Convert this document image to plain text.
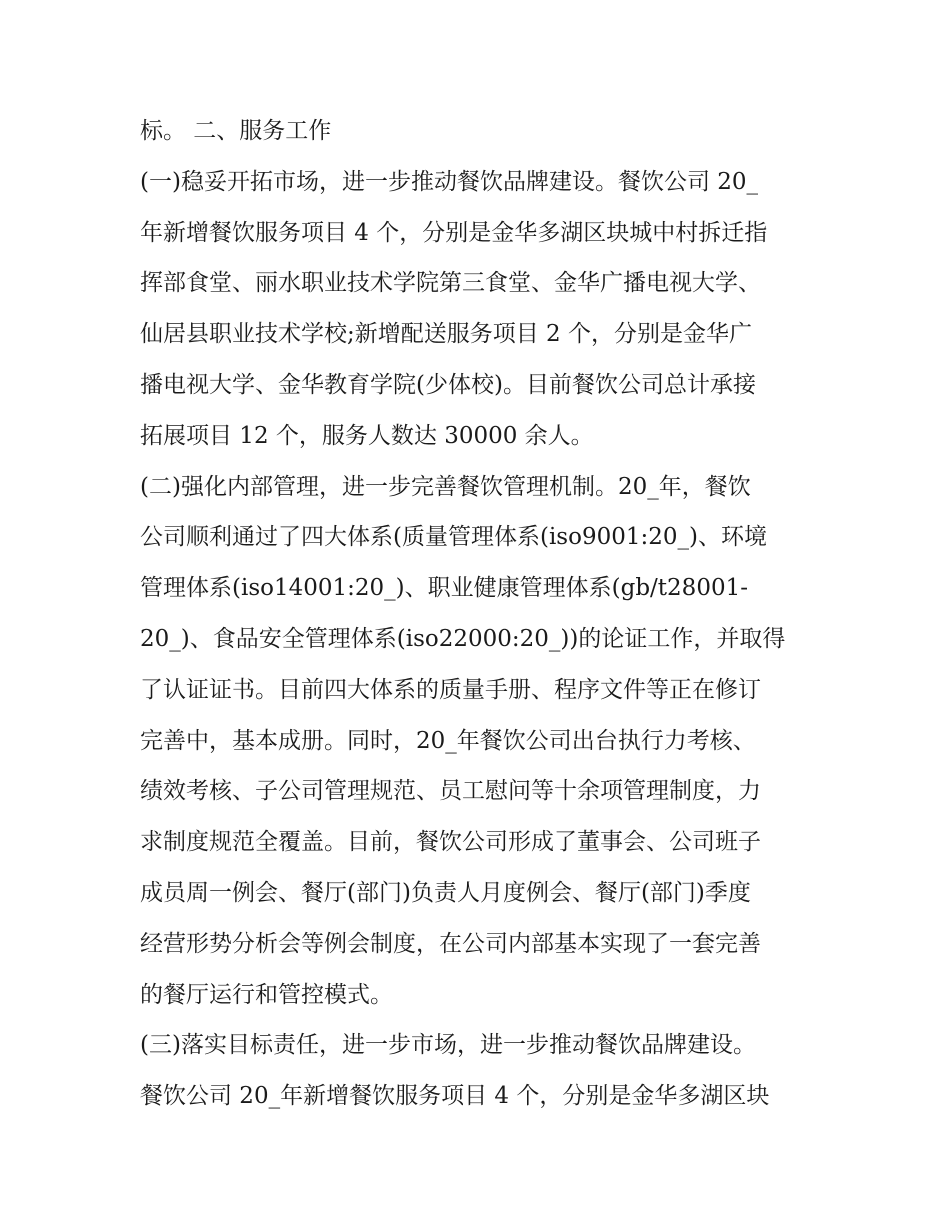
标。 二、服务工作

(一)稳妥开拓市场，进一步推动餐饮品牌建设。餐饮公司 20_

年新增餐饮服务项目 4 个，分别是金华多湖区块城中村拆迁指

挥部食堂、丽水职业技术学院第三食堂、金华广播电视大学、

仙居县职业技术学校;新增配送服务项目 2 个，分别是金华广

播电视大学、金华教育学院(少体校)。目前餐饮公司总计承接

拓展项目 12 个，服务人数达 30000 余人。

(二)强化内部管理，进一步完善餐饮管理机制。20_年，餐饮

公司顺利通过了四大体系(质量管理体系(iso9001:20_)、环境

管理体系(iso14001:20_)、职业健康管理体系(gb/t28001-

20_)、食品安全管理体系(iso22000:20_))的论证工作，并取得

了认证证书。目前四大体系的质量手册、程序文件等正在修订

完善中，基本成册。同时，20_年餐饮公司出台执行力考核、

绩效考核、子公司管理规范、员工慰问等十余项管理制度，力

求制度规范全覆盖。目前，餐饮公司形成了董事会、公司班子

成员周一例会、餐厅(部门)负责人月度例会、餐厅(部门)季度

经营形势分析会等例会制度，在公司内部基本实现了一套完善

的餐厅运行和管控模式。

(三)落实目标责任，进一步市场，进一步推动餐饮品牌建设。

餐饮公司 20_年新增餐饮服务项目 4 个，分别是金华多湖区块
